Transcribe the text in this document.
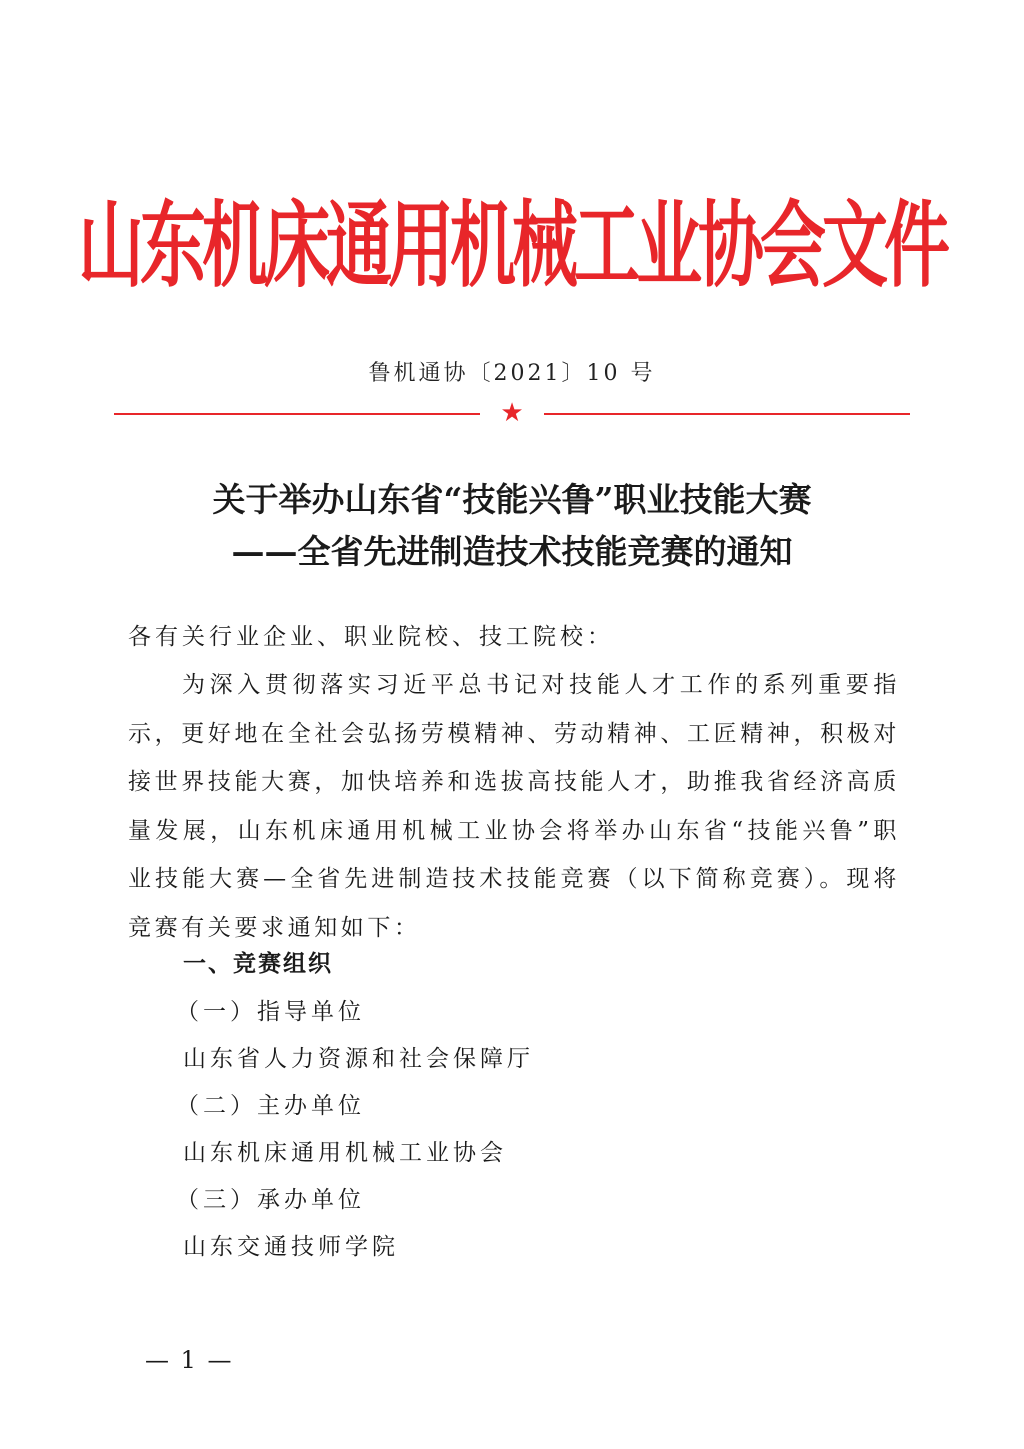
山东机床通用机械工业协会文件
鲁机通协〔2021〕10 号
★
关于举办山东省“技能兴鲁”职业技能大赛
——全省先进制造技术技能竞赛的通知
各有关行业企业、职业院校、技工院校：
为深入贯彻落实习近平总书记对技能人才工作的系列重要指示，更好地在全社会弘扬劳模精神、劳动精神、工匠精神，积极对接世界技能大赛，加快培养和选拔高技能人才，助推我省经济高质量发展，山东机床通用机械工业协会将举办山东省“技能兴鲁”职业技能大赛—全省先进制造技术技能竞赛（以下简称竞赛）。现将竞赛有关要求通知如下：
一、竞赛组织
（一）指导单位
山东省人力资源和社会保障厅
（二）主办单位
山东机床通用机械工业协会
（三）承办单位
山东交通技师学院
— 1 —
